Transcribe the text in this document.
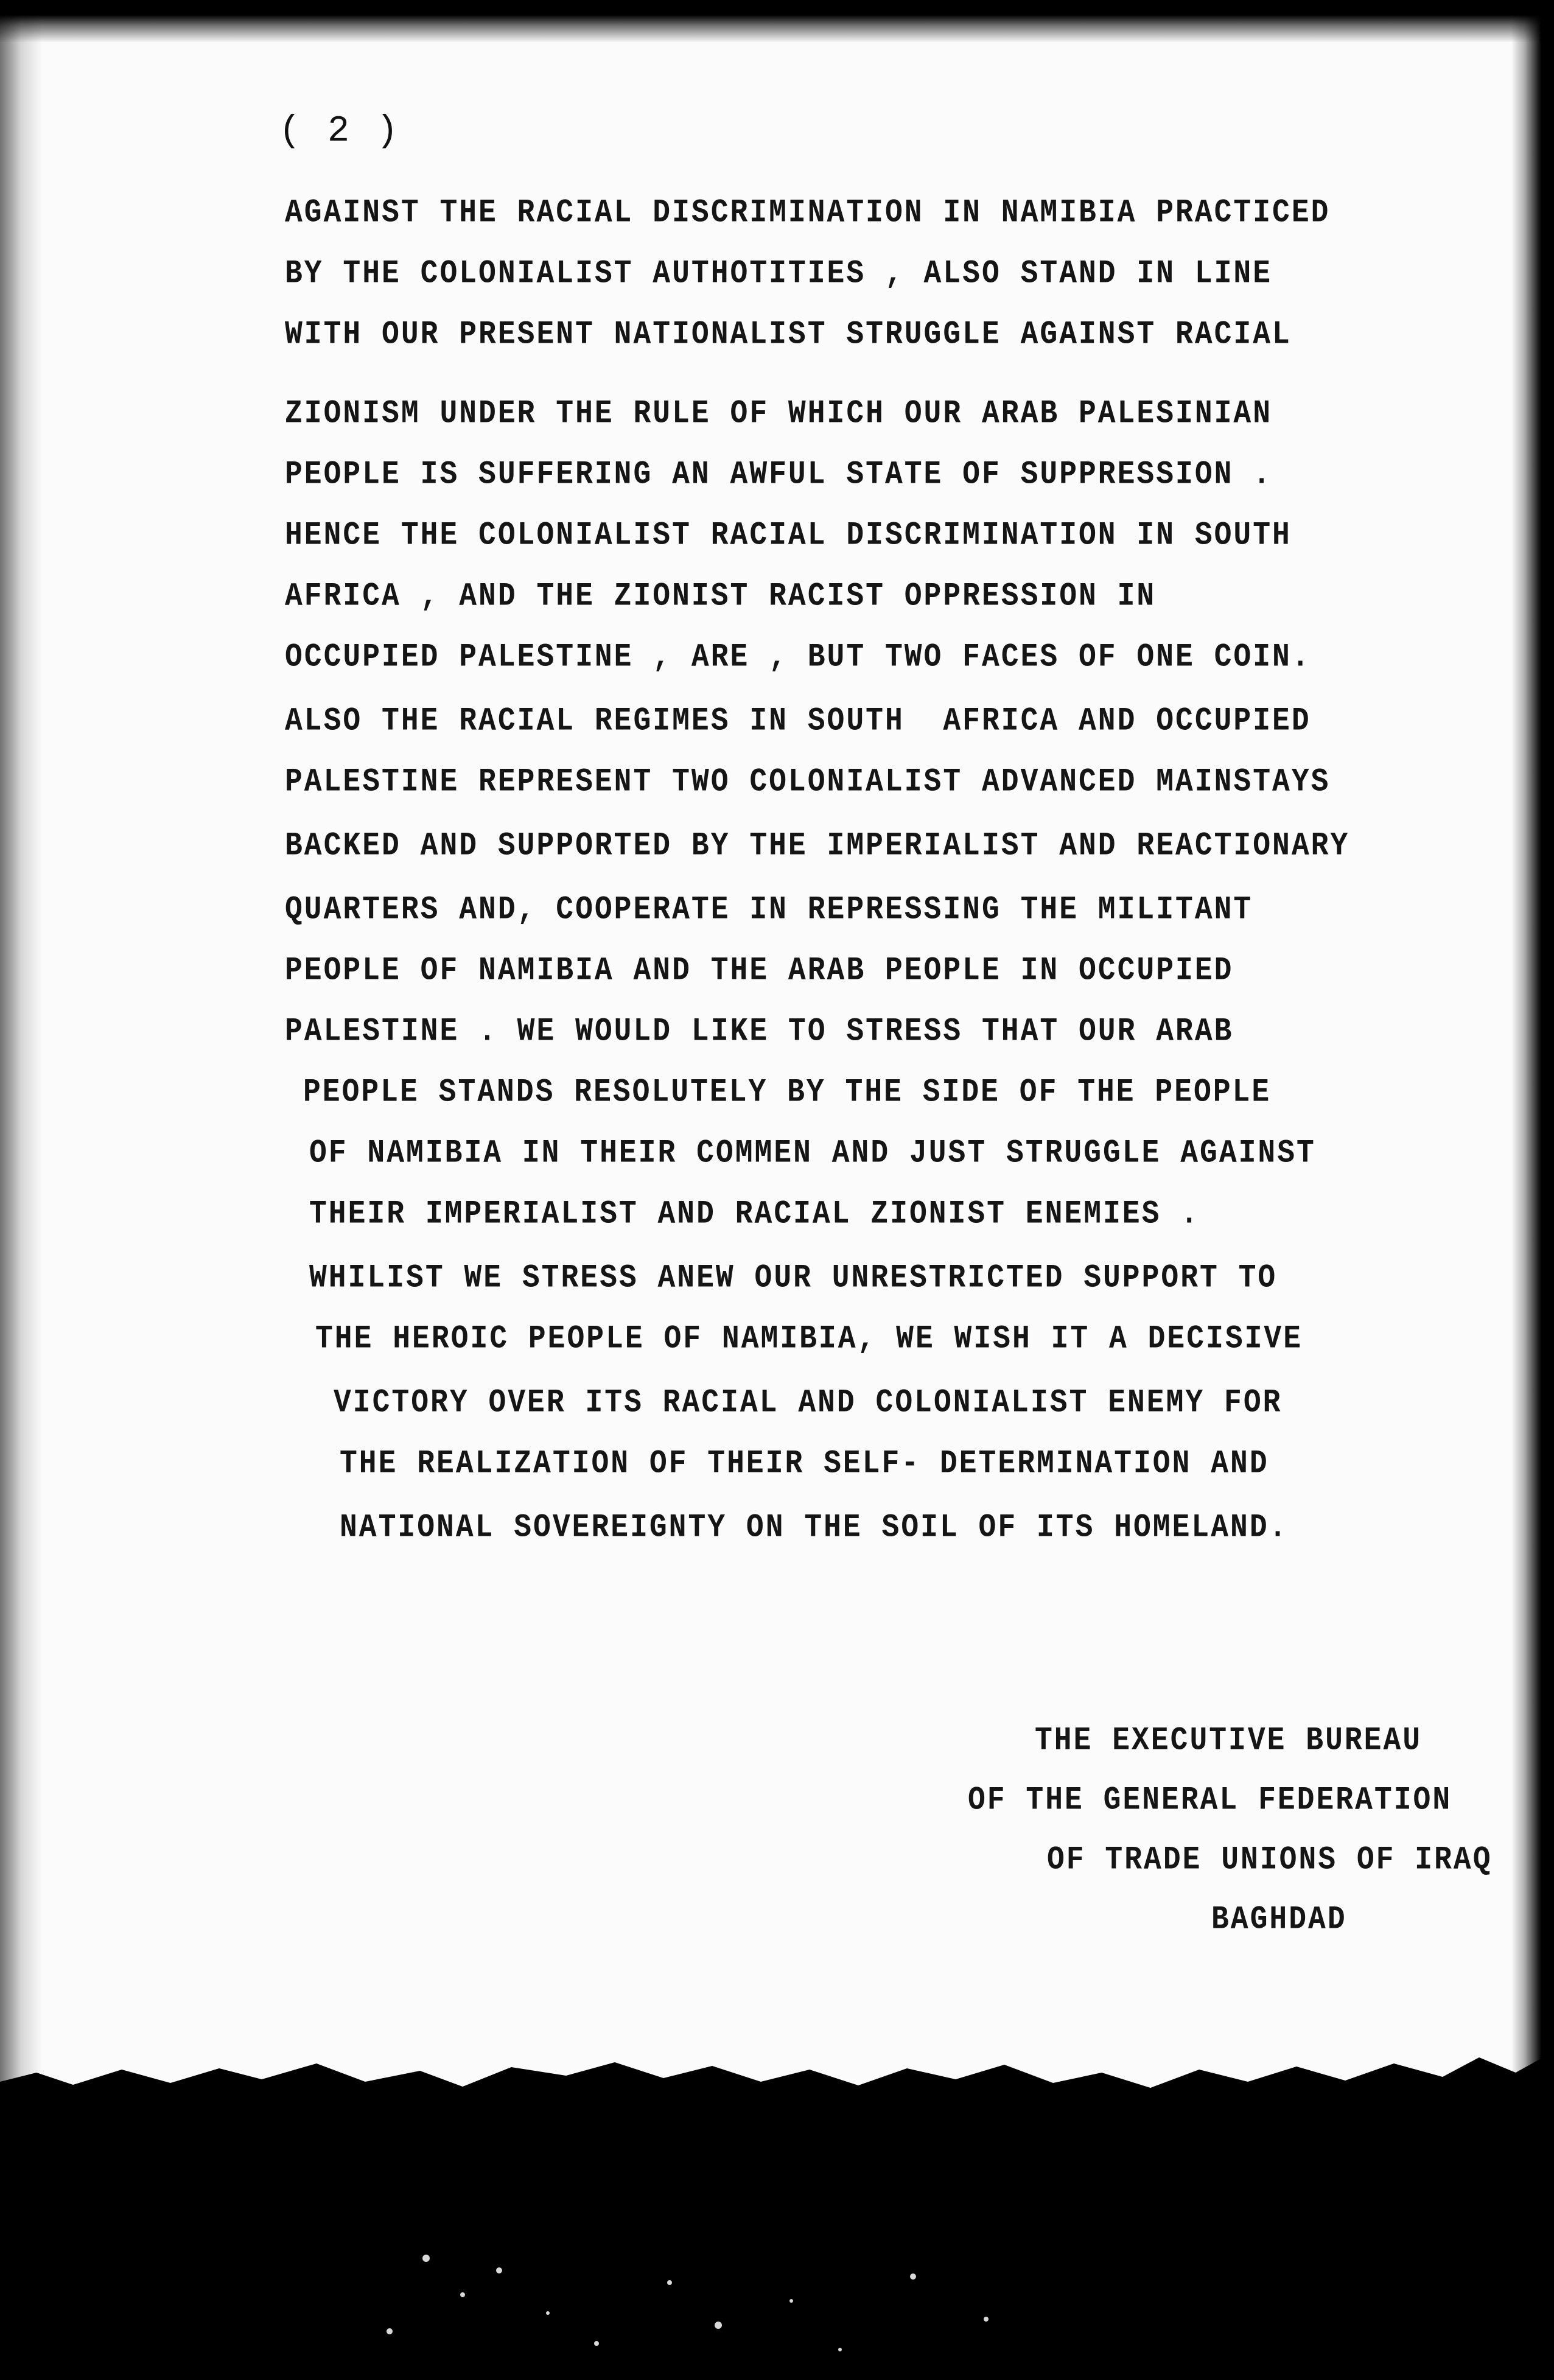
( 2 )
AGAINST THE RACIAL DISCRIMINATION IN NAMIBIA PRACTICED
BY THE COLONIALIST AUTHOTITIES , ALSO STAND IN LINE
WITH OUR PRESENT NATIONALIST STRUGGLE AGAINST RACIAL
ZIONISM UNDER THE RULE OF WHICH OUR ARAB PALESINIAN
PEOPLE IS SUFFERING AN AWFUL STATE OF SUPPRESSION .
HENCE THE COLONIALIST RACIAL DISCRIMINATION IN SOUTH
AFRICA , AND THE ZIONIST RACIST OPPRESSION IN
OCCUPIED PALESTINE , ARE , BUT TWO FACES OF ONE COIN.
ALSO THE RACIAL REGIMES IN SOUTH  AFRICA AND OCCUPIED
PALESTINE REPRESENT TWO COLONIALIST ADVANCED MAINSTAYS
BACKED AND SUPPORTED BY THE IMPERIALIST AND REACTIONARY
QUARTERS AND, COOPERATE IN REPRESSING THE MILITANT
PEOPLE OF NAMIBIA AND THE ARAB PEOPLE IN OCCUPIED
PALESTINE . WE WOULD LIKE TO STRESS THAT OUR ARAB
PEOPLE STANDS RESOLUTELY BY THE SIDE OF THE PEOPLE
OF NAMIBIA IN THEIR COMMEN AND JUST STRUGGLE AGAINST
THEIR IMPERIALIST AND RACIAL ZIONIST ENEMIES .
WHILIST WE STRESS ANEW OUR UNRESTRICTED SUPPORT TO
THE HEROIC PEOPLE OF NAMIBIA, WE WISH IT A DECISIVE
VICTORY OVER ITS RACIAL AND COLONIALIST ENEMY FOR
THE REALIZATION OF THEIR SELF- DETERMINATION AND
NATIONAL SOVEREIGNTY ON THE SOIL OF ITS HOMELAND.
THE EXECUTIVE BUREAU
OF THE GENERAL FEDERATION
OF TRADE UNIONS OF IRAQ
BAGHDAD
